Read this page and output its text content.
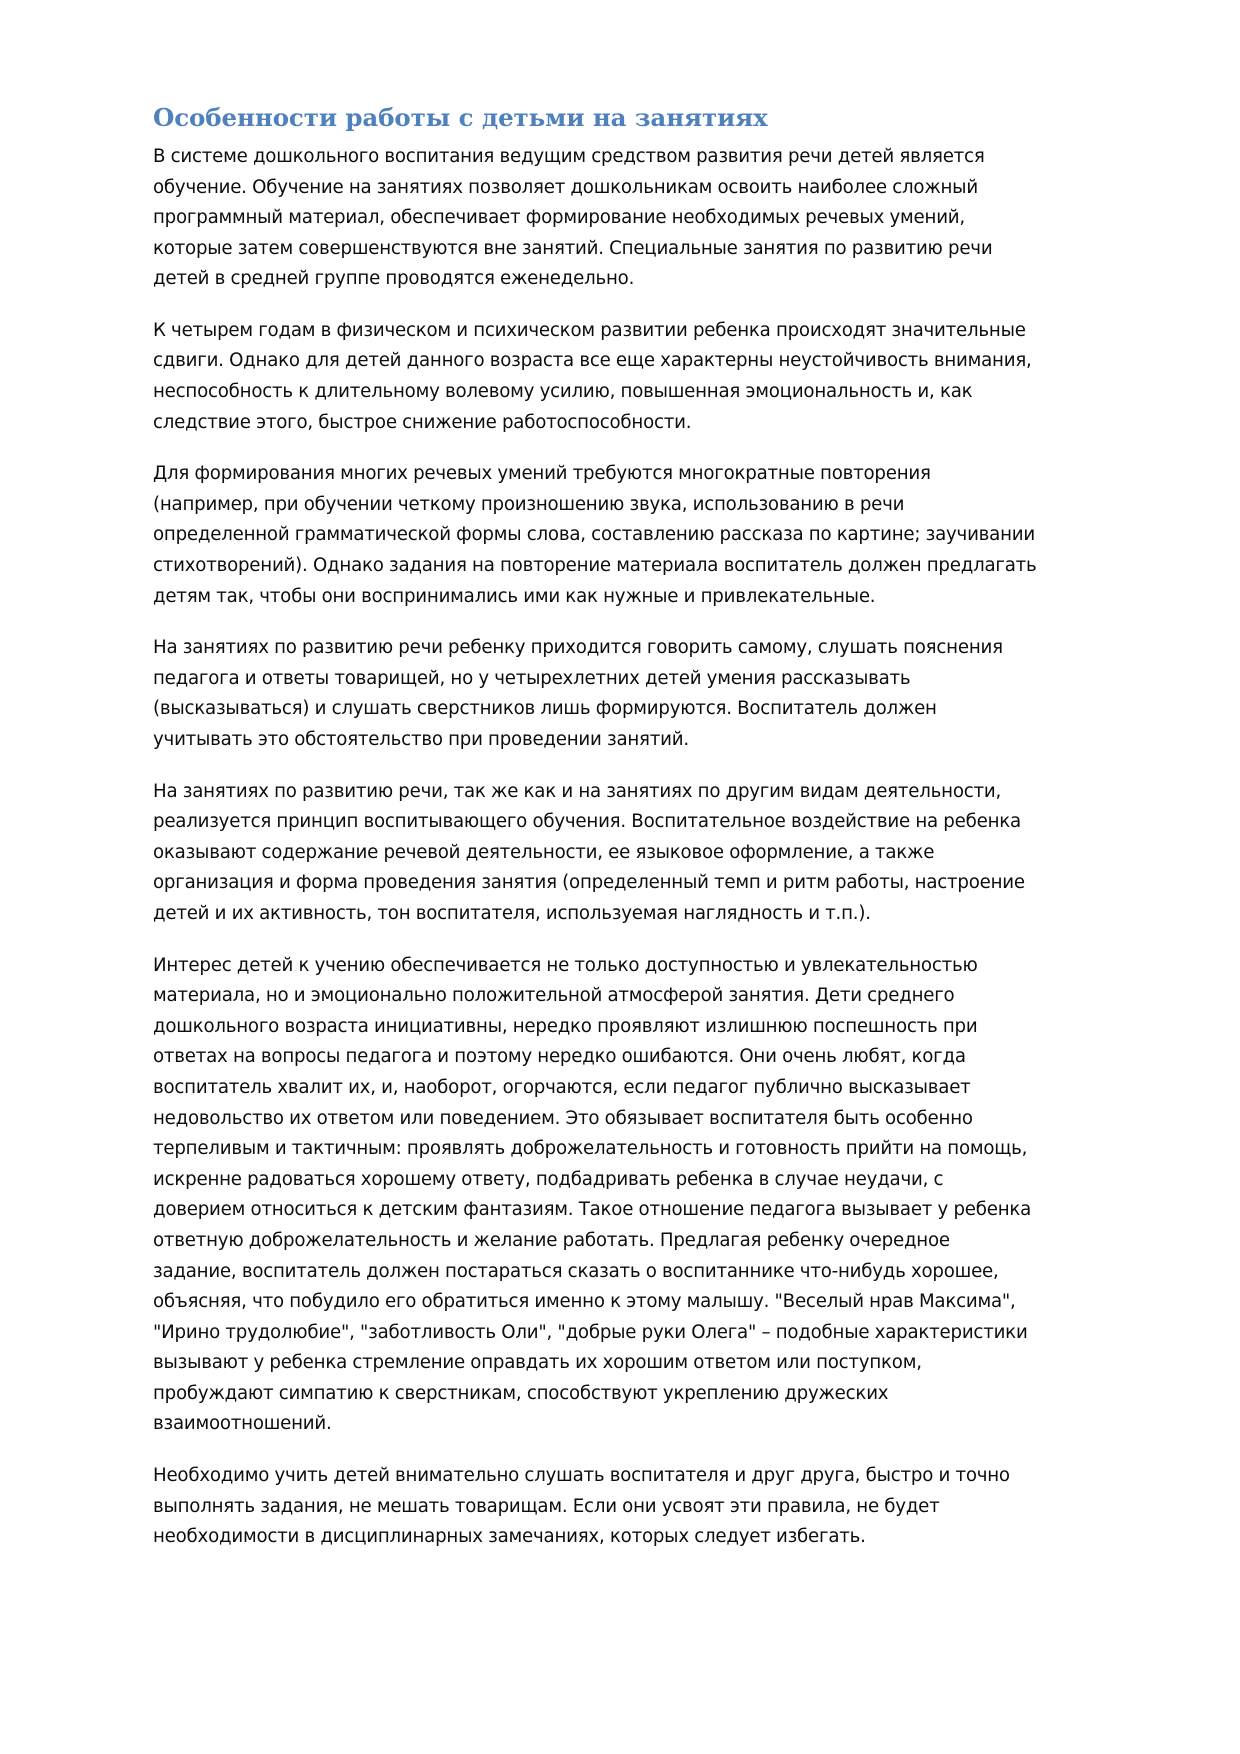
Особенности работы с детьми на занятиях

В системе дошкольного воспитания ведущим средством развития речи детей является обучение. Обучение на занятиях позволяет дошкольникам освоить наиболее сложный программный материал, обеспечивает формирование необходимых речевых умений, которые затем совершенствуются вне занятий. Специальные занятия по развитию речи детей в средней группе проводятся еженедельно.

К четырем годам в физическом и психическом развитии ребенка происходят значительные сдвиги. Однако для детей данного возраста все еще характерны неустойчивость внимания, неспособность к длительному волевому усилию, повышенная эмоциональность и, как следствие этого, быстрое снижение работоспособности.

Для формирования многих речевых умений требуются многократные повторения (например, при обучении четкому произношению звука, использованию в речи определенной грамматической формы слова, составлению рассказа по картине; заучивании стихотворений). Однако задания на повторение материала воспитатель должен предлагать детям так, чтобы они воспринимались ими как нужные и привлекательные.

На занятиях по развитию речи ребенку приходится говорить самому, слушать пояснения педагога и ответы товарищей, но у четырехлетних детей умения рассказывать (высказываться) и слушать сверстников лишь формируются. Воспитатель должен учитывать это обстоятельство при проведении занятий.

На занятиях по развитию речи, так же как и на занятиях по другим видам деятельности, реализуется принцип воспитывающего обучения. Воспитательное воздействие на ребенка оказывают содержание речевой деятельности, ее языковое оформление, а также организация и форма проведения занятия (определенный темп и ритм работы, настроение детей и их активность, тон воспитателя, используемая наглядность и т.п.).

Интерес детей к учению обеспечивается не только доступностью и увлекательностью материала, но и эмоционально положительной атмосферой занятия. Дети среднего дошкольного возраста инициативны, нередко проявляют излишнюю поспешность при ответах на вопросы педагога и поэтому нередко ошибаются. Они очень любят, когда воспитатель хвалит их, и, наоборот, огорчаются, если педагог публично высказывает недовольство их ответом или поведением. Это обязывает воспитателя быть особенно терпеливым и тактичным: проявлять доброжелательность и готовность прийти на помощь, искренне радоваться хорошему ответу, подбадривать ребенка в случае неудачи, с доверием относиться к детским фантазиям. Такое отношение педагога вызывает у ребенка ответную доброжелательность и желание работать. Предлагая ребенку очередное задание, воспитатель должен постараться сказать о воспитаннике что-нибудь хорошее, объясняя, что побудило его обратиться именно к этому малышу. "Веселый нрав Максима", "Ирино трудолюбие", "заботливость Оли", "добрые руки Олега" – подобные характеристики вызывают у ребенка стремление оправдать их хорошим ответом или поступком, пробуждают симпатию к сверстникам, способствуют укреплению дружеских взаимоотношений.

Необходимо учить детей внимательно слушать воспитателя и друг друга, быстро и точно выполнять задания, не мешать товарищам. Если они усвоят эти правила, не будет необходимости в дисциплинарных замечаниях, которых следует избегать.
